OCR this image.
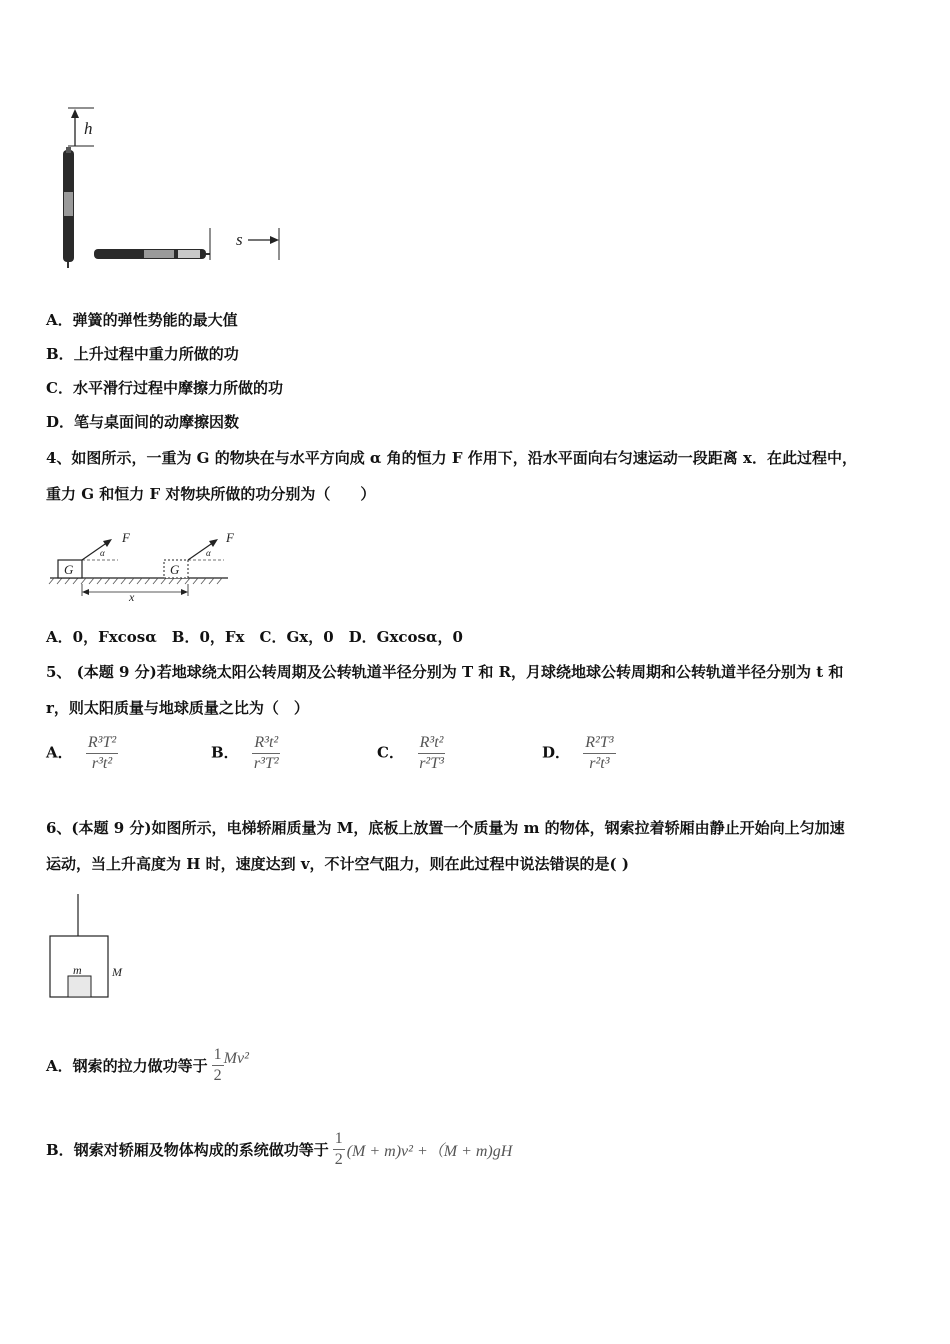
h
s
A．弹簧的弹性势能的最大值
B．上升过程中重力所做的功
C．水平滑行过程中摩擦力所做的功
D．笔与桌面间的动摩擦因数
4、如图所示，一重为 G 的物块在与水平方向成 α 角的恒力 F 作用下，沿水平面向右匀速运动一段距离 x．在此过程中，
重力 G 和恒力 F 对物块所做的功分别为（　　）
G
F
α
G
F
α
x
A．0，Fxcosα　B．0，Fx　C．Gx，0　D．Gxcosα，0
5、 (本题 9 分)若地球绕太阳公转周期及公转轨道半径分别为 T 和 R，月球绕地球公转周期和公转轨道半径分别为 t 和
r，则太阳质量与地球质量之比为（　）
A． $\frac{\text{R³T²}}{\text{r³t²}}$	B． $\frac{\text{R³t²}}{\text{r³T²}}$	C． $\frac{\text{R³t²}}{\text{r²T³}}$	D． $\frac{\text{R²T³}}{\text{r²t³}}$
6、(本题 9 分)如图所示，电梯轿厢质量为 M，底板上放置一个质量为 m 的物体，钢索拉着轿厢由静止开始向上匀加速
运动，当上升高度为 H 时，速度达到 v，不计空气阻力，则在此过程中说法错误的是( )
m	M
A． 钢索的拉力做功等于 $\frac{1}{2} Mv^2$
B． 钢索对轿厢及物体构成的系统做功等于 $\frac{1}{2} (M + m)v^2 +(M + m)gH$
